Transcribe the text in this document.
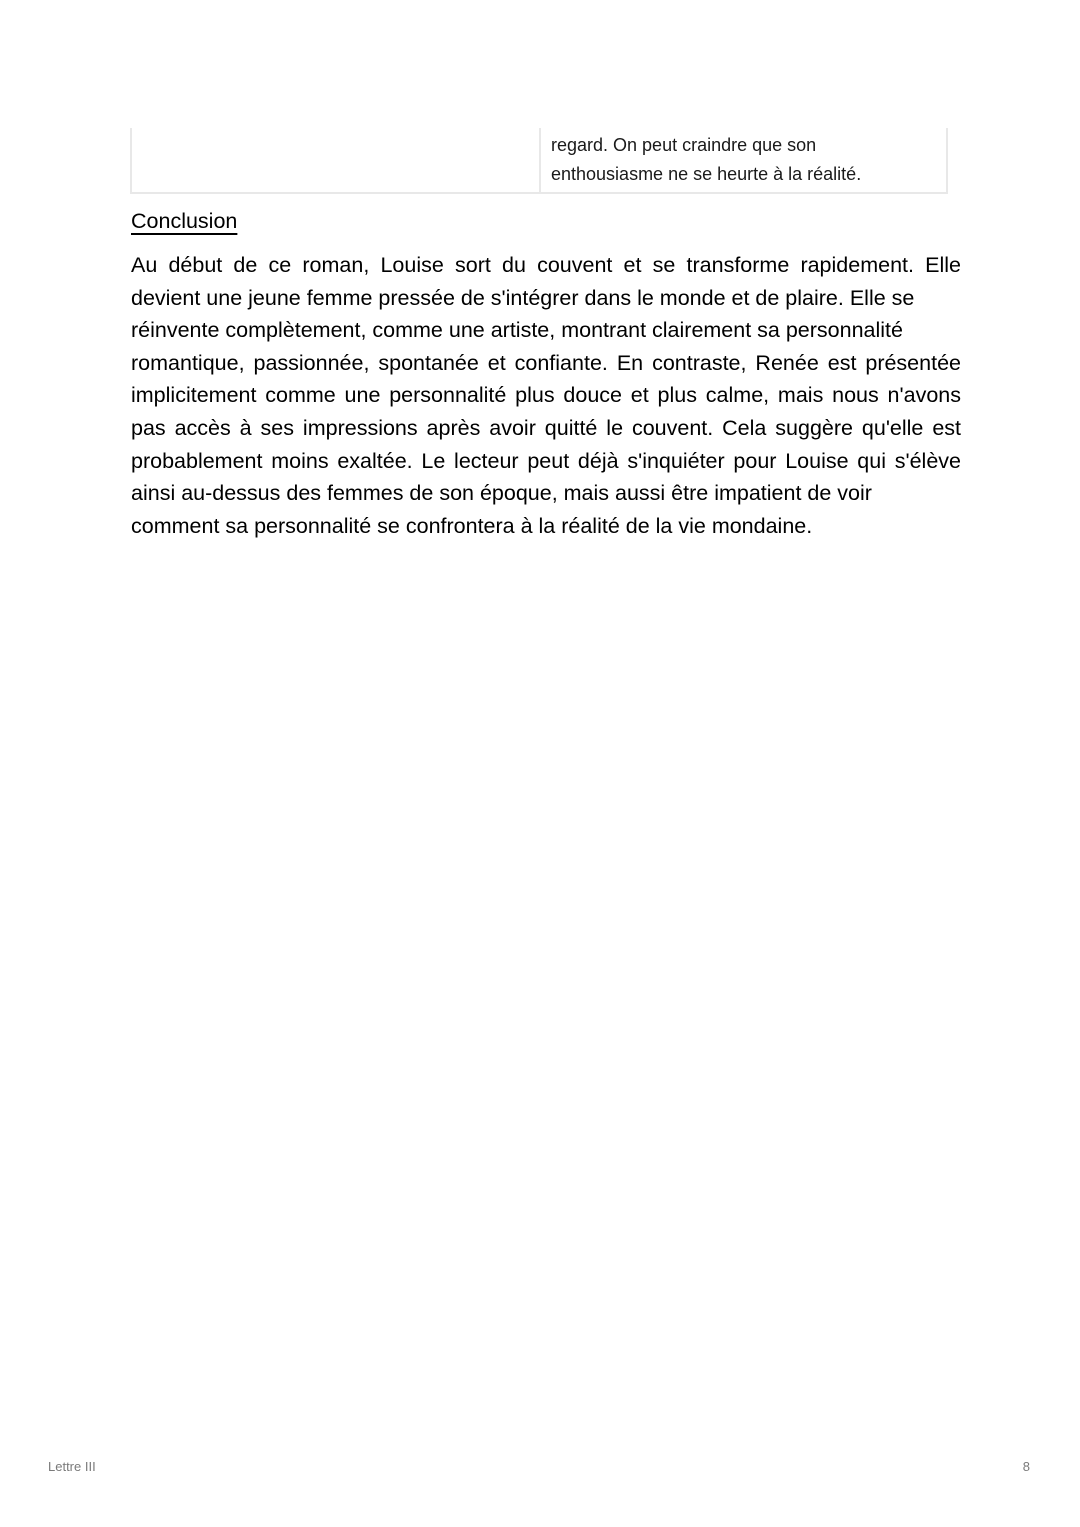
regard. On peut craindre que son
enthousiasme ne se heurte à la réalité.
Conclusion
Au début de ce roman, Louise sort du couvent et se transforme rapidement. Elle
devient une jeune femme pressée de s'intégrer dans le monde et de plaire. Elle se
réinvente complètement, comme une artiste, montrant clairement sa personnalité
romantique, passionnée, spontanée et confiante. En contraste, Renée est présentée
implicitement comme une personnalité plus douce et plus calme, mais nous n'avons
pas accès à ses impressions après avoir quitté le couvent. Cela suggère qu'elle est
probablement moins exaltée. Le lecteur peut déjà s'inquiéter pour Louise qui s'élève
ainsi au-dessus des femmes de son époque, mais aussi être impatient de voir
comment sa personnalité se confrontera à la réalité de la vie mondaine.
Lettre III	8
